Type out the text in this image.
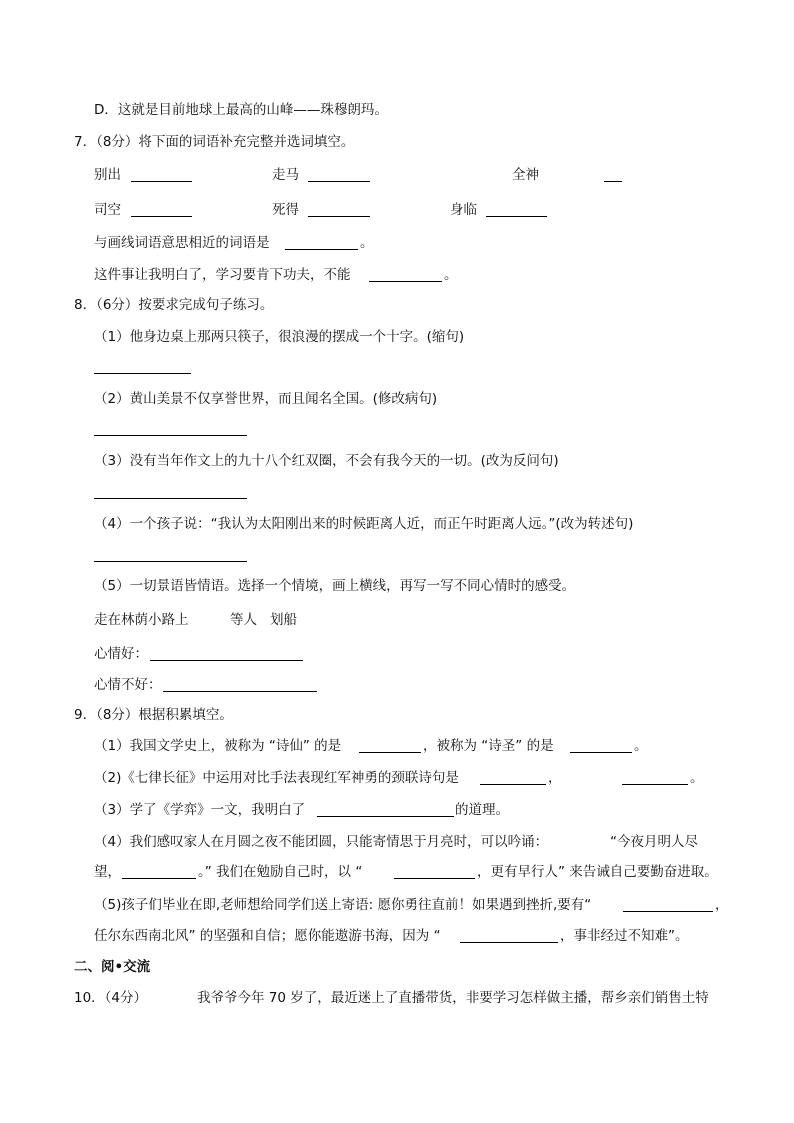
D．这就是目前地球上最高的山峰——珠穆朗玛。
7．（8分）将下面的词语补充完整并选词填空。
别出	走马	全神
司空	死得	身临
与画线词语意思相近的词语是	。
这件事让我明白了，学习要肯下功夫，不能	。
8．（6分）按要求完成句子练习。
（1）他身边桌上那两只筷子，很浪漫的摆成一个十字。(缩句)
（2）黄山美景不仅享誉世界，而且闻名全国。(修改病句)
（3）没有当年作文上的九十八个红双圈，不会有我今天的一切。(改为反问句)
（4）一个孩子说：“我认为太阳刚出来的时候距离人近，而正午时距离人远。”(改为转述句)
（5）一切景语皆情语。选择一个情境，画上横线，再写一写不同心情时的感受。
走在林荫小路上	等人 划船
心情好：
心情不好：
9．（8分）根据积累填空。
（1）我国文学史上，被称为 “诗仙” 的是	，被称为 “诗圣” 的是	。
（2)《七律长征》中运用对比手法表现红军神勇的颈联诗句是	，	。
（3）学了《学弈》一文，我明白了	的道理。
（4）我们感叹家人在月圆之夜不能团圆，只能寄情思于月亮时，可以吟诵：	“今夜月明人尽
望，	。” 我们在勉励自己时，以 “	，更有早行人” 来告诫自己要勤奋进取。
（5)孩子们毕业在即,老师想给同学们送上寄语: 愿你勇往直前！如果遇到挫折,要有“	，
任尔东西南北风” 的坚强和自信；愿你能遨游书海，因为 “	，事非经过不知难”。
二、阅•交流
10．（4分）	我爷爷今年 70 岁了，最近迷上了直播带货，非要学习怎样做主播，帮乡亲们销售土特
